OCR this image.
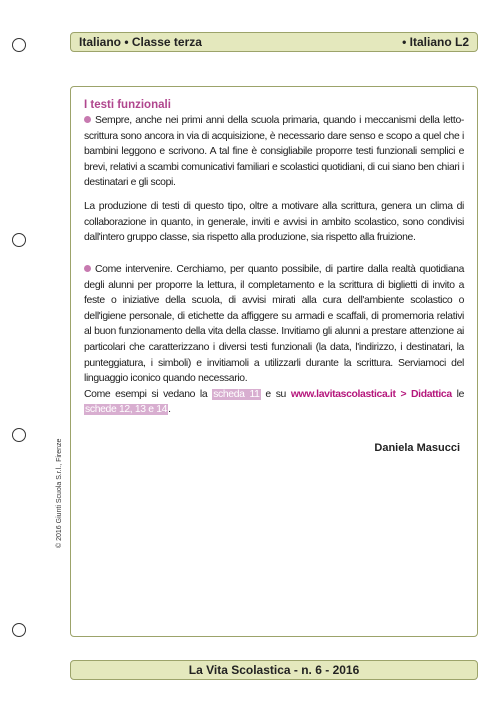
Italiano • Classe terza	• Italiano L2
I testi funzionali
Sempre, anche nei primi anni della scuola primaria, quando i meccanismi della letto-scrittura sono ancora in via di acquisizione, è necessario dare senso e scopo a quel che i bambini leggono e scrivono. A tal fine è consigliabile proporre testi funzionali semplici e brevi, relativi a scambi comunicativi familiari e scolastici quotidiani, di cui siano ben chiari i destinatari e gli scopi.
La produzione di testi di questo tipo, oltre a motivare alla scrittura, genera un clima di collaborazione in quanto, in generale, inviti e avvisi in ambito scolastico, sono condivisi dall'intero gruppo classe, sia rispetto alla produzione, sia rispetto alla fruizione.
Come intervenire. Cerchiamo, per quanto possibile, di partire dalla realtà quotidiana degli alunni per proporre la lettura, il completamento e la scrittura di biglietti di invito a feste o iniziative della scuola, di avvisi mirati alla cura dell'ambiente scolastico o dell'igiene personale, di etichette da affiggere su armadi e scaffali, di promemoria relativi al buon funzionamento della vita della classe. Invitiamo gli alunni a prestare attenzione ai particolari che caratterizzano i diversi testi funzionali (la data, l'indirizzo, i destinatari, la punteggiatura, i simboli) e invitiamoli a utilizzarli durante la scrittura. Serviamoci del linguaggio iconico quando necessario.
Come esempi si vedano la scheda 11 e su www.lavitascolastica.it > Didattica le schede 12, 13 e 14.
Daniela Masucci
© 2016 Giunti Scuola S.r.l., Firenze
La Vita Scolastica - n. 6 - 2016
